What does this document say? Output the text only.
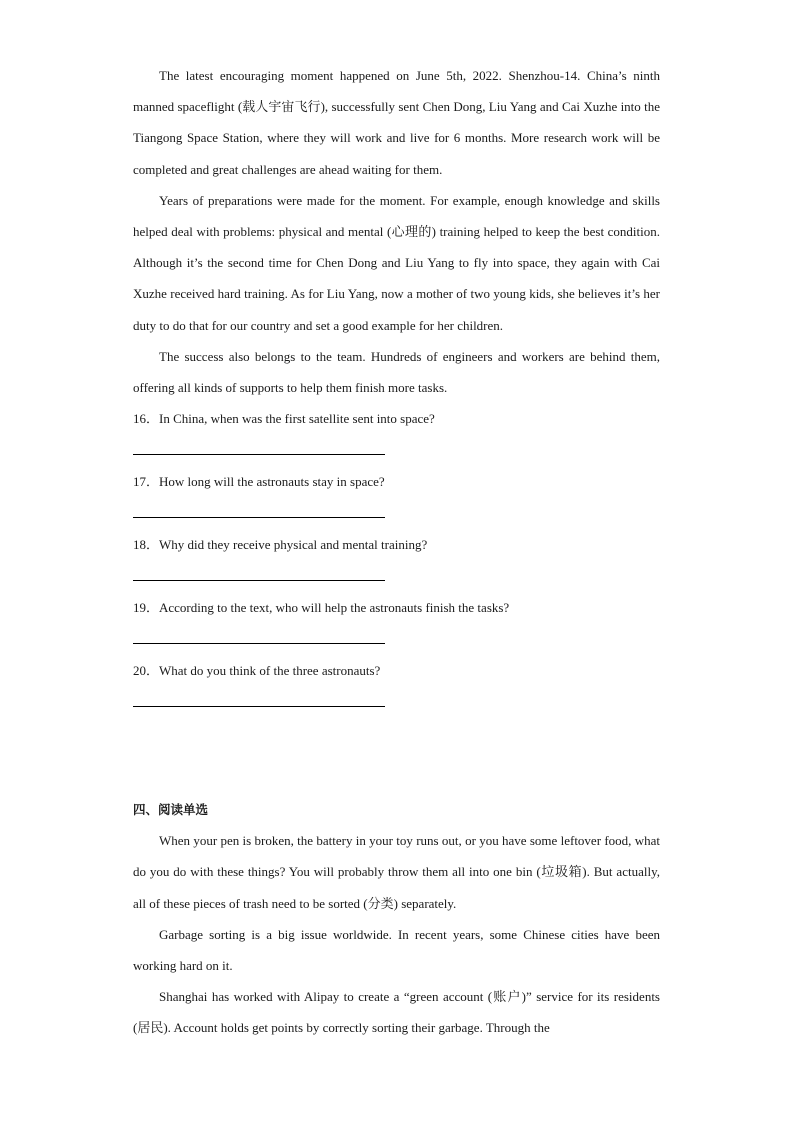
The latest encouraging moment happened on June 5th, 2022. Shenzhou-14. China’s ninth manned spaceflight (载人宇宙飞行), successfully sent Chen Dong, Liu Yang and Cai Xuzhe into the Tiangong Space Station, where they will work and live for 6 months. More research work will be completed and great challenges are ahead waiting for them.

Years of preparations were made for the moment. For example, enough knowledge and skills helped deal with problems: physical and mental (心理的) training helped to keep the best condition. Although it’s the second time for Chen Dong and Liu Yang to fly into space, they again with Cai Xuzhe received hard training. As for Liu Yang, now a mother of two young kids, she believes it’s her duty to do that for our country and set a good example for her children.

The success also belongs to the team. Hundreds of engineers and workers are behind them, offering all kinds of supports to help them finish more tasks.

16．In China, when was the first satellite sent into space?

17．How long will the astronauts stay in space?

18．Why did they receive physical and mental training?

19．According to the text, who will help the astronauts finish the tasks?

20．What do you think of the three astronauts?

四、阅读单选

When your pen is broken, the battery in your toy runs out, or you have some leftover food, what do you do with these things? You will probably throw them all into one bin (垃圾箱). But actually, all of these pieces of trash need to be sorted (分类) separately.

Garbage sorting is a big issue worldwide. In recent years, some Chinese cities have been working hard on it.

Shanghai has worked with Alipay to create a “green account (账户)” service for its residents (居民). Account holds get points by correctly sorting their garbage. Through the
